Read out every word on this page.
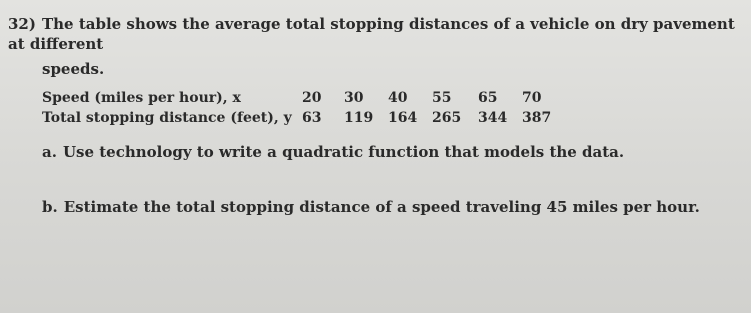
32) The table shows the average total stopping distances of a vehicle on dry pavement at different
speeds.
Speed (miles per hour), x	20	30	40	55	65	70
Total stopping distance (feet), y	63	119	164	265	344	387
a. Use technology to write a quadratic function that models the data.
b. Estimate the total stopping distance of a speed traveling 45 miles per hour.
